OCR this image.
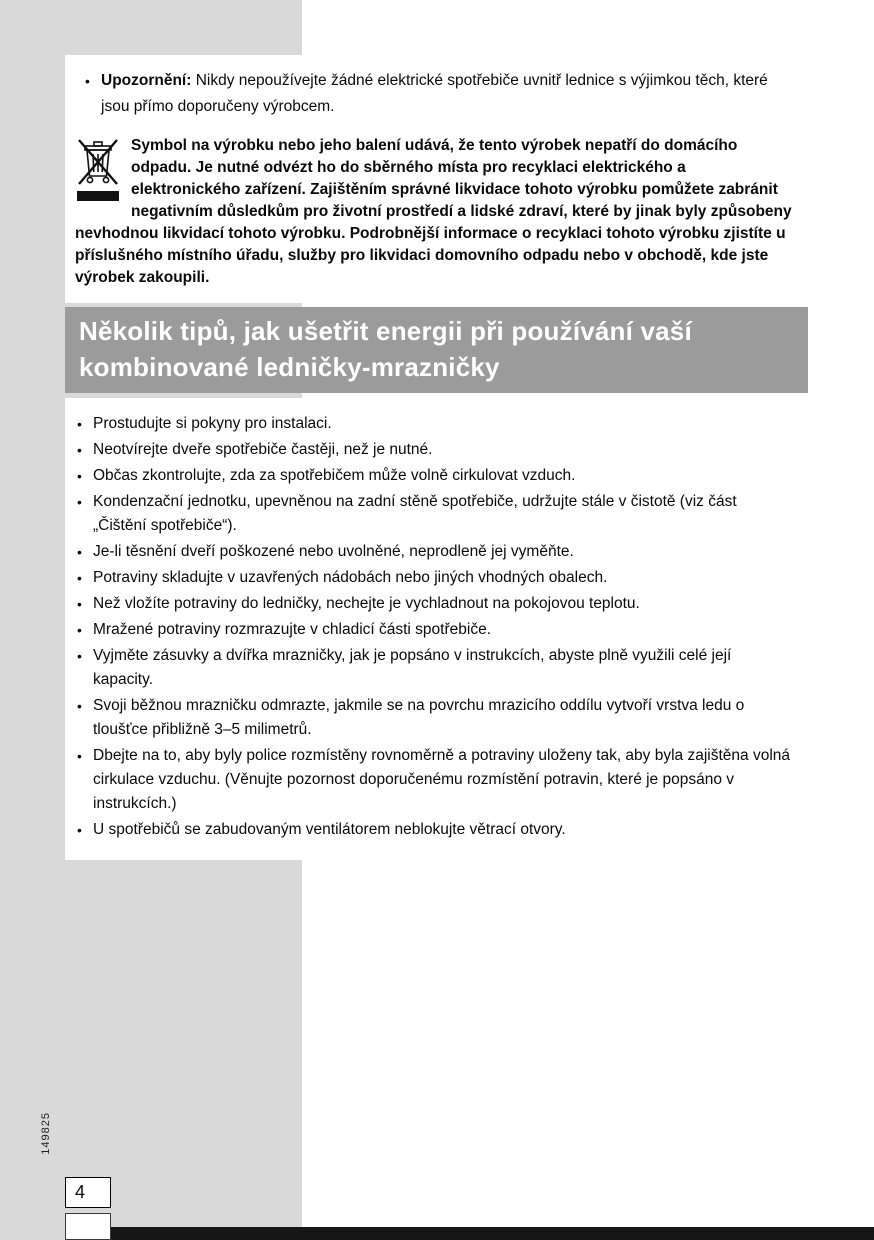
• Upozornění: Nikdy nepoužívejte žádné elektrické spotřebiče uvnitř lednice s výjimkou těch, které jsou přímo doporučeny výrobcem.

Symbol na výrobku nebo jeho balení udává, že tento výrobek nepatří do domácího odpadu. Je nutné odvézt ho do sběrného místa pro recyklaci elektrického a elektronického zařízení. Zajištěním správné likvidace tohoto výrobku pomůžete zabránit negativním důsledkům pro životní prostředí a lidské zdraví, které by jinak byly způsobeny nevhodnou likvidací tohoto výrobku. Podrobnější informace o recyklaci tohoto výrobku zjistíte u příslušného místního úřadu, služby pro likvidaci domovního odpadu nebo v obchodě, kde jste výrobek zakoupili.
Několik tipů, jak ušetřit energii při používání vaší kombinované ledničky-mrazničky
• Prostudujte si pokyny pro instalaci.
• Neotvírejte dveře spotřebiče častěji, než je nutné.
• Občas zkontrolujte, zda za spotřebičem může volně cirkulovat vzduch.
• Kondenzační jednotku, upevněnou na zadní stěně spotřebiče, udržujte stále v čistotě (viz část „Čištění spotřebiče“).
• Je-li těsnění dveří poškozené nebo uvolněné, neprodleně jej vyměňte.
• Potraviny skladujte v uzavřených nádobách nebo jiných vhodných obalech.
• Než vložíte potraviny do ledničky, nechejte je vychladnout na pokojovou teplotu.
• Mražené potraviny rozmrazujte v chladicí části spotřebiče.
• Vyjměte zásuvky a dvířka mrazničky, jak je popsáno v instrukcích, abyste plně využili celé její kapacity.
• Svoji běžnou mrazničku odmrazte, jakmile se na povrchu mrazicího oddílu vytvoří vrstva ledu o tloušťce přibližně 3–5 milimetrů.
• Dbejte na to, aby byly police rozmístěny rovnoměrně a potraviny uloženy tak, aby byla zajištěna volná cirkulace vzduchu. (Věnujte pozornost doporučenému rozmístění potravin, které je popsáno v instrukcích.)
• U spotřebičů se zabudovaným ventilátorem neblokujte větrací otvory.
149825
4
